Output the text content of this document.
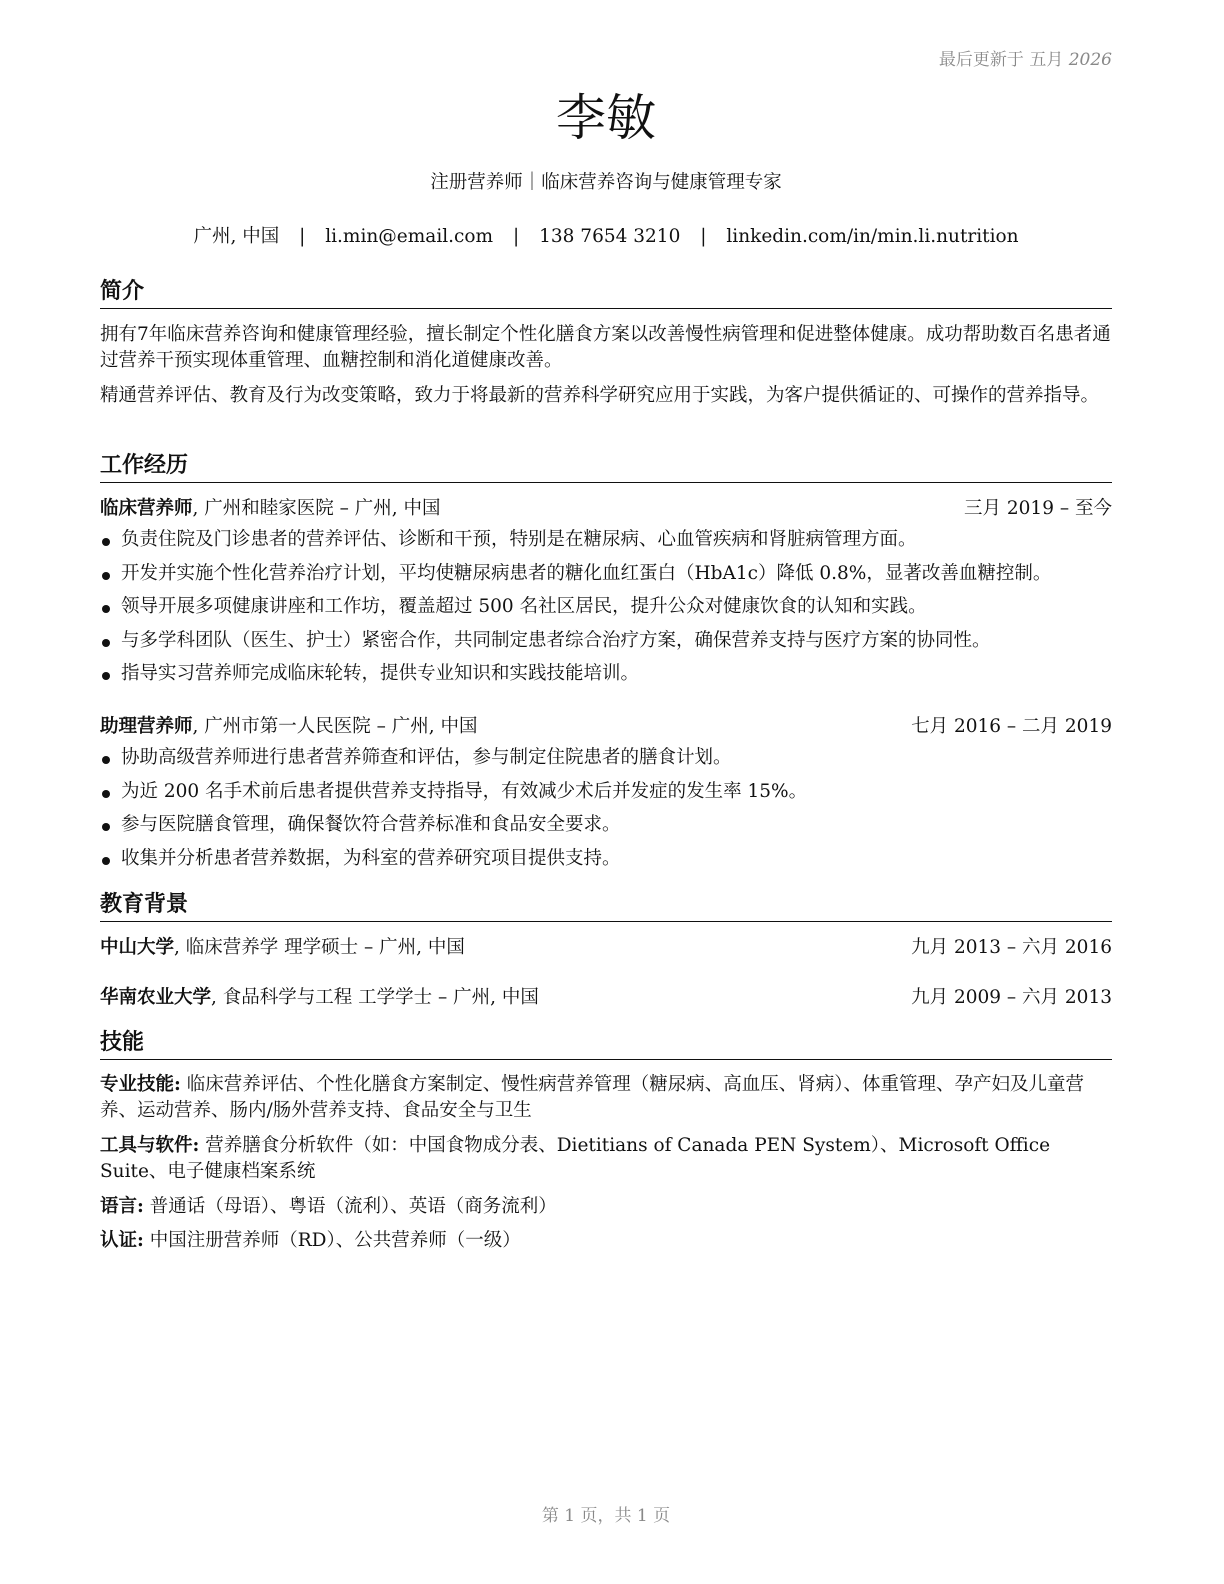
最后更新于 五月 2026
李敏
注册营养师｜临床营养咨询与健康管理专家
广州, 中国 | li.min@email.com | 138 7654 3210 | linkedin.com/in/min.li.nutrition
简介

拥有7年临床营养咨询和健康管理经验，擅长制定个性化膳食方案以改善慢性病管理和促进整体健康。成功帮助数百名患者通过营养干预实现体重管理、血糖控制和消化道健康改善。

精通营养评估、教育及行为改变策略，致力于将最新的营养科学研究应用于实践，为客户提供循证的、可操作的营养指导。

工作经历
临床营养师, 广州和睦家医院 – 广州, 中国	三月 2019 – 至今
负责住院及门诊患者的营养评估、诊断和干预，特别是在糖尿病、心血管疾病和肾脏病管理方面。
开发并实施个性化营养治疗计划，平均使糖尿病患者的糖化血红蛋白（HbA1c）降低 0.8%，显著改善血糖控制。
领导开展多项健康讲座和工作坊，覆盖超过 500 名社区居民，提升公众对健康饮食的认知和实践。
与多学科团队（医生、护士）紧密合作，共同制定患者综合治疗方案，确保营养支持与医疗方案的协同性。
指导实习营养师完成临床轮转，提供专业知识和实践技能培训。
助理营养师, 广州市第一人民医院 – 广州, 中国	七月 2016 – 二月 2019
协助高级营养师进行患者营养筛查和评估，参与制定住院患者的膳食计划。
为近 200 名手术前后患者提供营养支持指导，有效减少术后并发症的发生率 15%。
参与医院膳食管理，确保餐饮符合营养标准和食品安全要求。
收集并分析患者营养数据，为科室的营养研究项目提供支持。
教育背景
中山大学, 临床营养学 理学硕士 – 广州, 中国	九月 2013 – 六月 2016
华南农业大学, 食品科学与工程 工学学士 – 广州, 中国	九月 2009 – 六月 2013
技能

专业技能: 临床营养评估、个性化膳食方案制定、慢性病营养管理（糖尿病、高血压、肾病）、体重管理、孕产妇及儿童营养、运动营养、肠内/肠外营养支持、食品安全与卫生

工具与软件: 营养膳食分析软件（如：中国食物成分表、Dietitians of Canada PEN System）、Microsoft Office Suite、电子健康档案系统

语言: 普通话（母语）、粤语（流利）、英语（商务流利）

认证: 中国注册营养师（RD）、公共营养师（一级）

第 1 页，共 1 页
